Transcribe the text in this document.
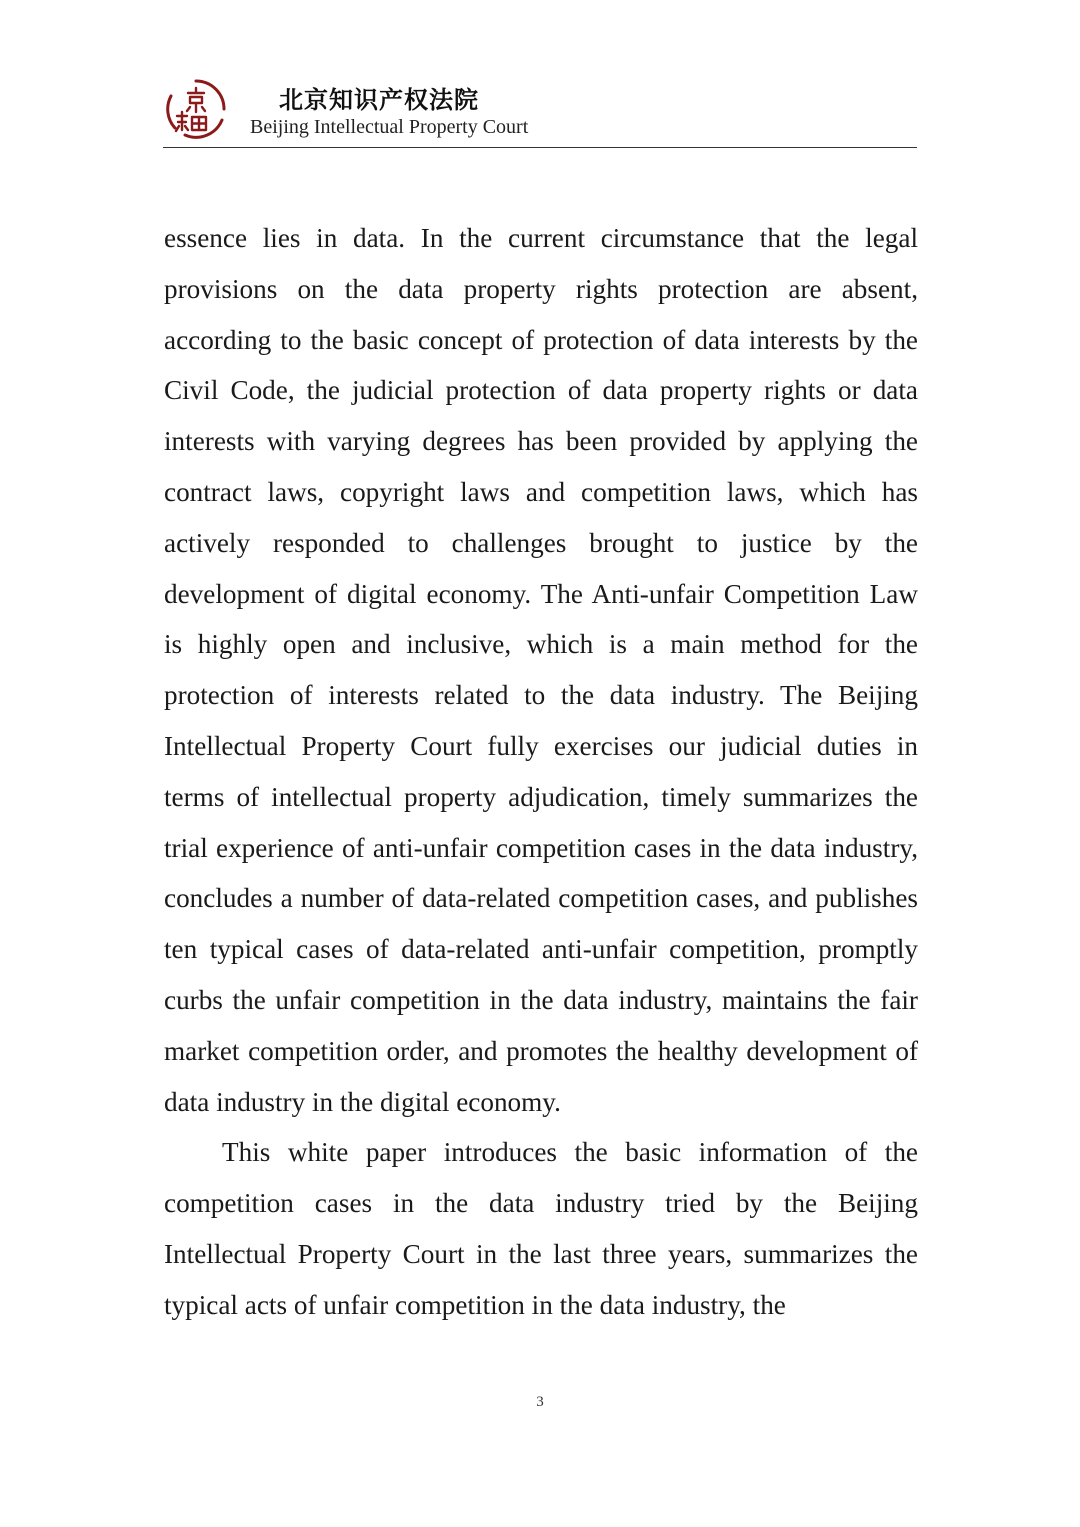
北京知识产权法院
Beijing Intellectual Property Court

essence lies in data. In the current circumstance that the legal provisions on the data property rights protection are absent, according to the basic concept of protection of data interests by the Civil Code, the judicial protection of data property rights or data interests with varying degrees has been provided by applying the contract laws, copyright laws and competition laws, which has actively responded to challenges brought to justice by the development of digital economy. The Anti-unfair Competition Law is highly open and inclusive, which is a main method for the protection of interests related to the data industry. The Beijing Intellectual Property Court fully exercises our judicial duties in terms of intellectual property adjudication, timely summarizes the trial experience of anti-unfair competition cases in the data industry, concludes a number of data-related competition cases, and publishes ten typical cases of data-related anti-unfair competition, promptly curbs the unfair competition in the data industry, maintains the fair market competition order, and promotes the healthy development of data industry in the digital economy.

This white paper introduces the basic information of the competition cases in the data industry tried by the Beijing Intellectual Property Court in the last three years, summarizes the typical acts of unfair competition in the data industry, the

3
